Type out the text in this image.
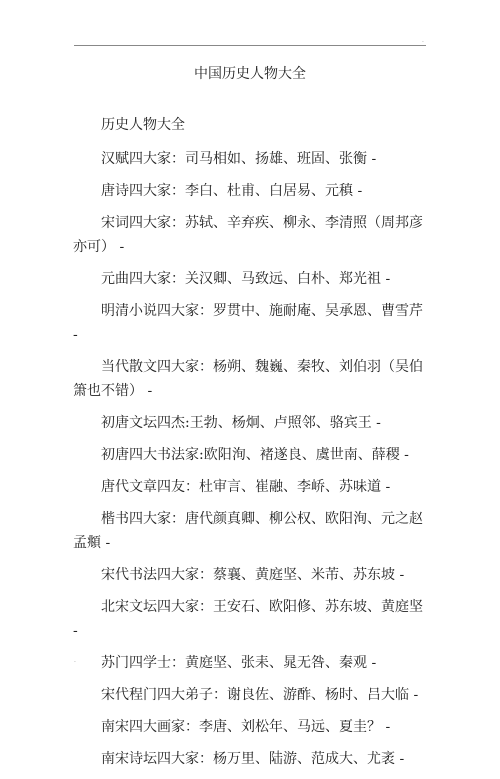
.
中国历史人物大全

历史人物大全

汉赋四大家：司马相如、扬雄、班固、张衡 -

唐诗四大家：李白、杜甫、白居易、元稹 -

宋词四大家：苏轼、辛弃疾、柳永、李清照（周邦彦亦可） -

元曲四大家：关汉卿、马致远、白朴、郑光祖 -

明清小说四大家：罗贯中、施耐庵、吴承恩、曹雪芹 -

当代散文四大家：杨朔、魏巍、秦牧、刘伯羽（吴伯箫也不错） -

初唐文坛四杰:王勃、杨炯、卢照邻、骆宾王 -

初唐四大书法家:欧阳洵、褚遂良、虞世南、薛稷 -

唐代文章四友：杜审言、崔融、李峤、苏味道 -

楷书四大家：唐代颜真卿、柳公权、欧阳洵、元之赵孟頫 -

宋代书法四大家：蔡襄、黄庭坚、米芾、苏东坡 -

北宋文坛四大家：王安石、欧阳修、苏东坡、黄庭坚 -

苏门四学士：黄庭坚、张耒、晁无咎、秦观 -

宋代程门四大弟子：谢良佐、游酢、杨时、吕大临 -

南宋四大画家：李唐、刘松年、马远、夏圭？ -

南宋诗坛四大家：杨万里、陆游、范成大、尤袤 -

.
